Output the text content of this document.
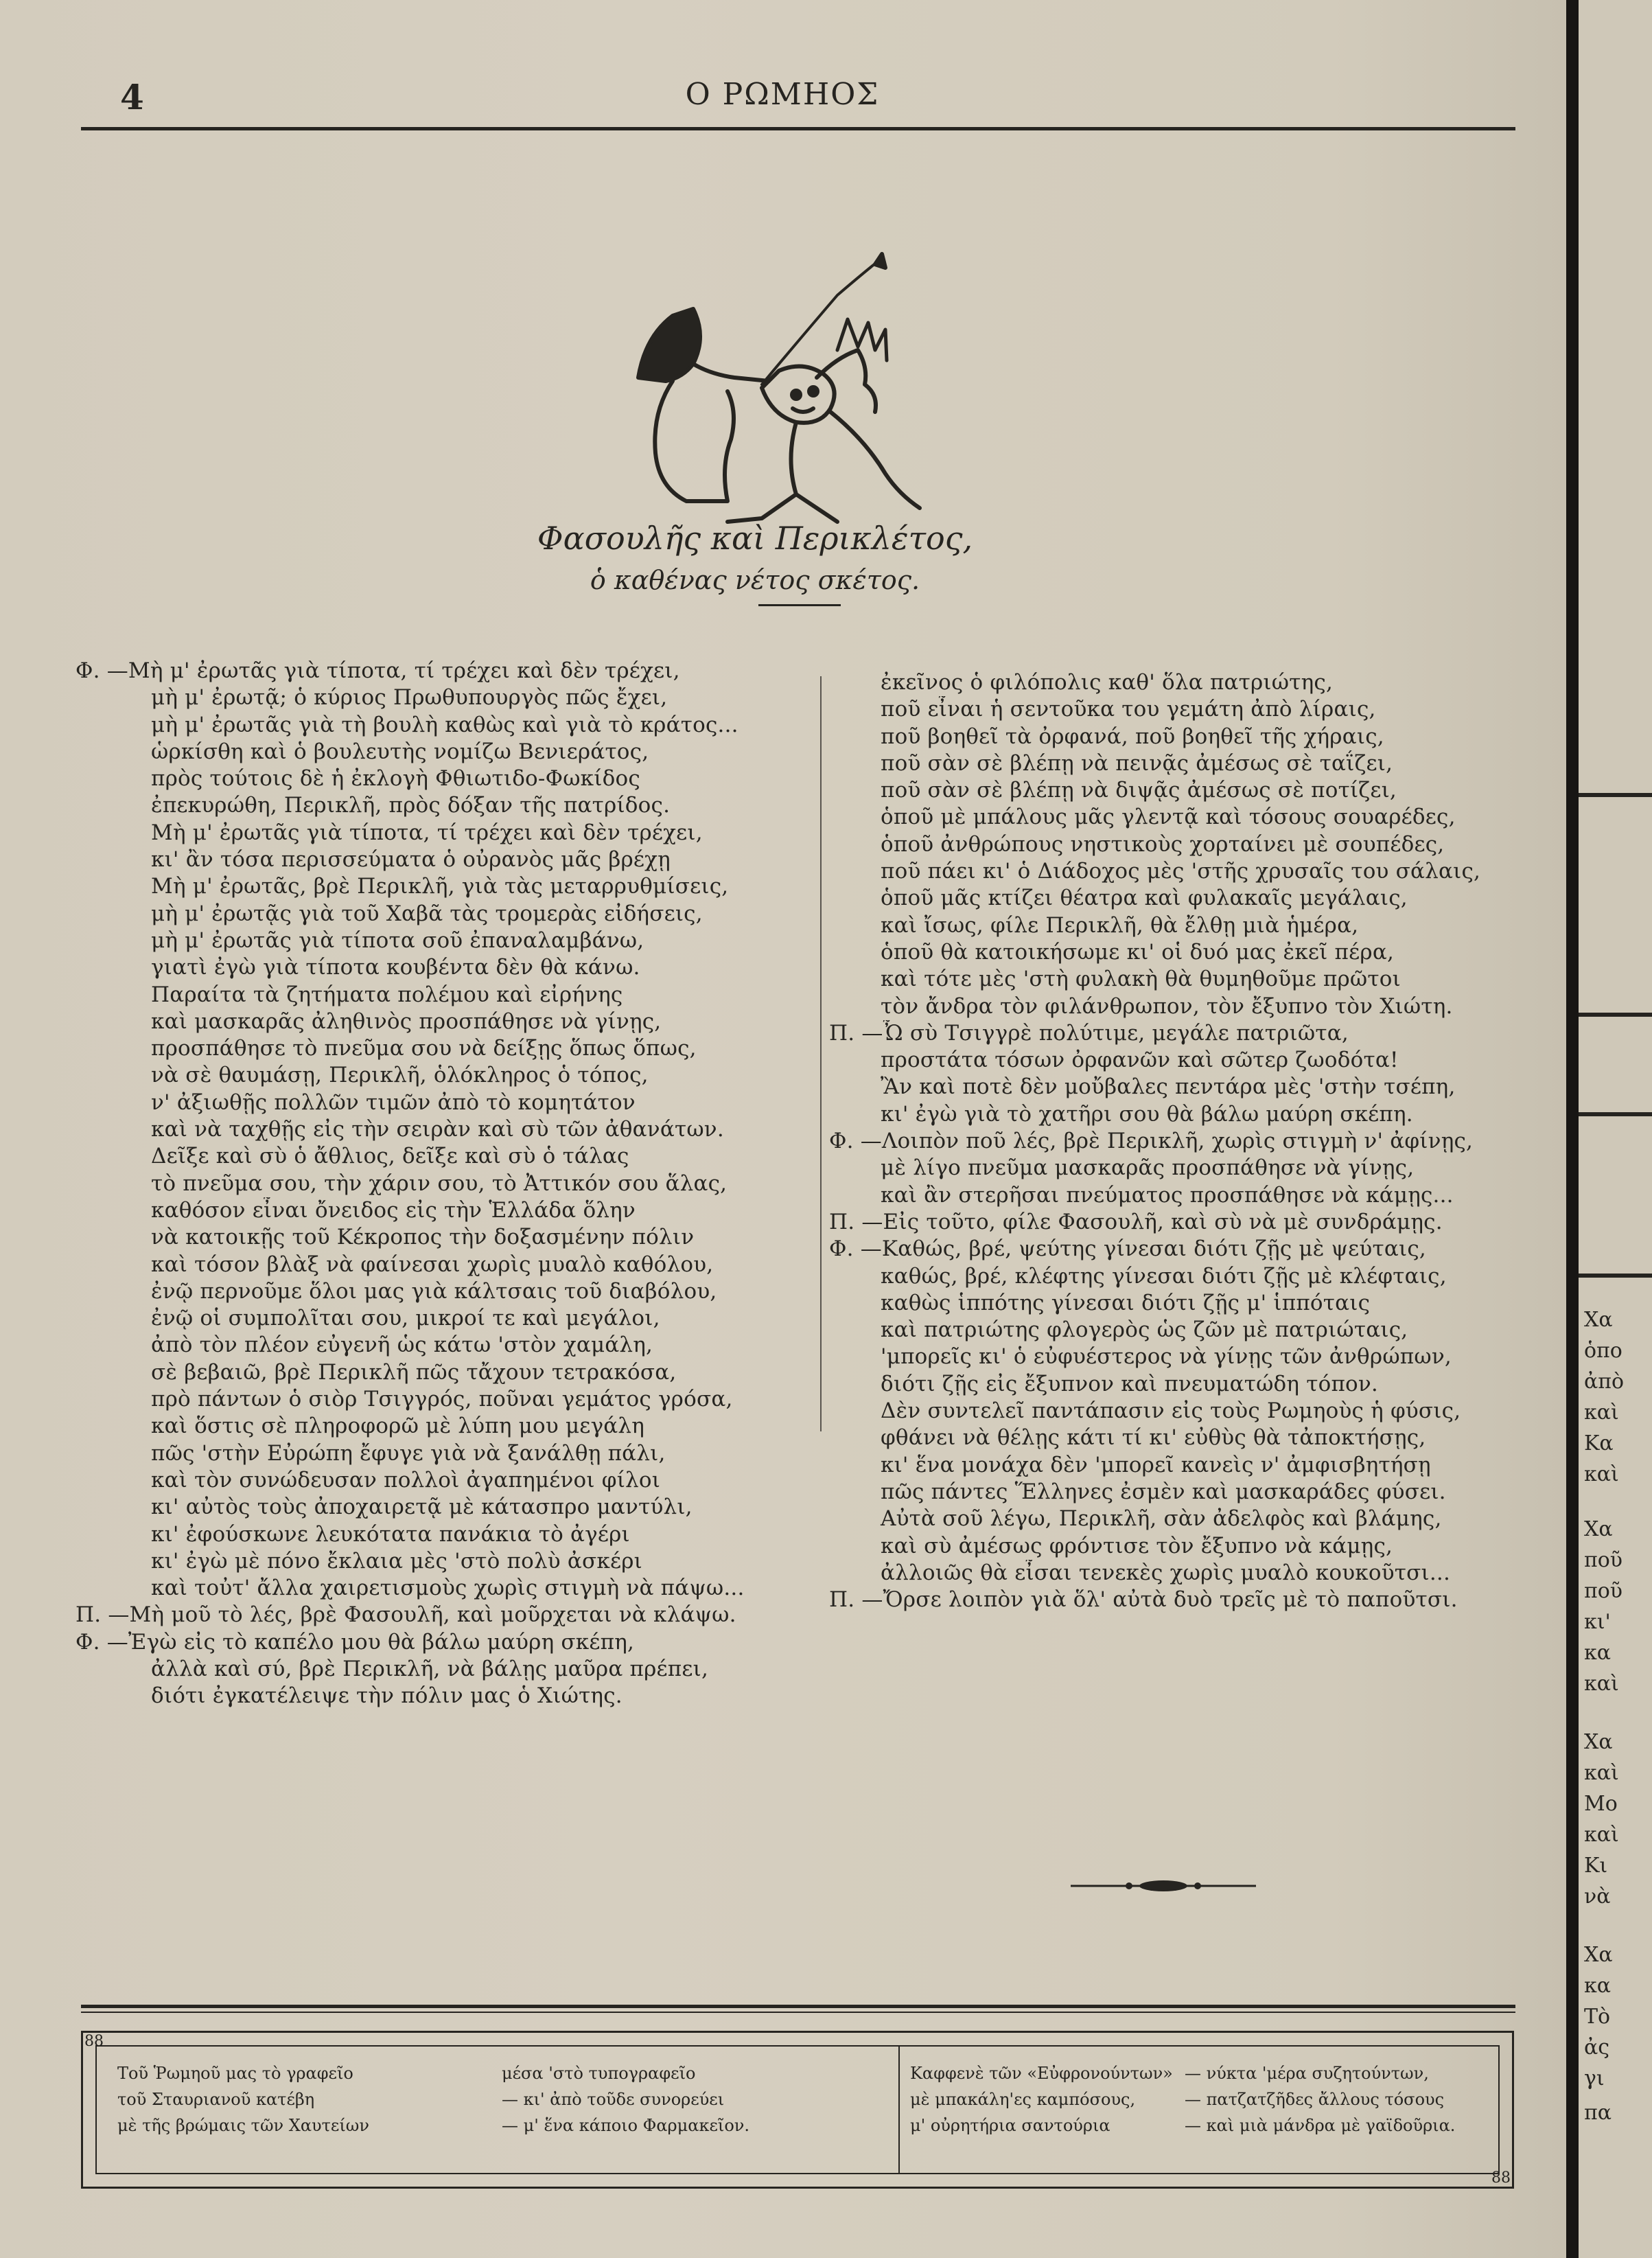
4	Ο ΡΩΜΗΟΣ
Φασουλῆς καὶ Περικλέτος,
ὁ καθένας νέτος σκέτος.
Φ. —Μὴ μ' ἐρωτᾶς γιὰ τίποτα, τί τρέχει καὶ δὲν τρέχει,
μὴ μ' ἐρωτᾷ; ὁ κύριος Πρωθυπουργὸς πῶς ἔχει,
μὴ μ' ἐρωτᾶς γιὰ τὴ βουλὴ καθὼς καὶ γιὰ τὸ κράτος...
ὡρκίσθη καὶ ὁ βουλευτὴς νομίζω Βενιεράτος,
πρὸς τούτοις δὲ ἡ ἐκλογὴ Φθιωτιδο-Φωκίδος
ἐπεκυρώθη, Περικλῆ, πρὸς δόξαν τῆς πατρίδος.
Μὴ μ' ἐρωτᾶς γιὰ τίποτα, τί τρέχει καὶ δὲν τρέχει,
κι' ἂν τόσα περισσεύματα ὁ οὐρανὸς μᾶς βρέχῃ
Μὴ μ' ἐρωτᾶς, βρὲ Περικλῆ, γιὰ τὰς μεταρρυθμίσεις,
μὴ μ' ἐρωτᾷς γιὰ τοῦ Χαβᾶ τὰς τρομερὰς εἰδήσεις,
μὴ μ' ἐρωτᾶς γιὰ τίποτα σοῦ ἐπαναλαμβάνω,
γιατὶ ἐγὼ γιὰ τίποτα κουβέντα δὲν θὰ κάνω.
Παραίτα τὰ ζητήματα πολέμου καὶ εἰρήνης
καὶ μασκαρᾶς ἀληθινὸς προσπάθησε νὰ γίνῃς,
προσπάθησε τὸ πνεῦμα σου νὰ δείξῃς ὅπως ὅπως,
νὰ σὲ θαυμάσῃ, Περικλῆ, ὁλόκληρος ὁ τόπος,
ν' ἀξιωθῇς πολλῶν τιμῶν ἀπὸ τὸ κομητάτον
καὶ νὰ ταχθῇς εἰς τὴν σειρὰν καὶ σὺ τῶν ἀθανάτων.
Δεῖξε καὶ σὺ ὁ ἄθλιος, δεῖξε καὶ σὺ ὁ τάλας
τὸ πνεῦμα σου, τὴν χάριν σου, τὸ Ἀττικόν σου ἅλας,
καθόσον εἶναι ὄνειδος εἰς τὴν Ἑλλάδα ὅλην
νὰ κατοικῇς τοῦ Κέκροπος τὴν δοξασμένην πόλιν
καὶ τόσον βλὰξ νὰ φαίνεσαι χωρὶς μυαλὸ καθόλου,
ἐνῷ περνοῦμε ὅλοι μας γιὰ κάλτσαις τοῦ διαβόλου,
ἐνῷ οἱ συμπολῖται σου, μικροί τε καὶ μεγάλοι,
ἀπὸ τὸν πλέον εὐγενῆ ὡς κάτω 'στὸν χαμάλη,
σὲ βεβαιῶ, βρὲ Περικλῆ πῶς τἄχουν τετρακόσα,
πρὸ πάντων ὁ σιὸρ Τσιγγρός, ποῦναι γεμάτος γρόσα,
καὶ ὅστις σὲ πληροφορῶ μὲ λύπη μου μεγάλη
πῶς 'στὴν Εὐρώπη ἔφυγε γιὰ νὰ ξανάλθῃ πάλι,
καὶ τὸν συνώδευσαν πολλοὶ ἀγαπημένοι φίλοι
κι' αὐτὸς τοὺς ἀποχαιρετᾷ μὲ κάτασπρο μαντύλι,
κι' ἐφούσκωνε λευκότατα πανάκια τὸ ἀγέρι
κι' ἐγὼ μὲ πόνο ἔκλαια μὲς 'στὸ πολὺ ἀσκέρι
καὶ τοὐτ' ἄλλα χαιρετισμοὺς χωρὶς στιγμὴ νὰ πάψω...
Π. —Μὴ μοῦ τὸ λές, βρὲ Φασουλῆ, καὶ μοῦρχεται νὰ κλάψω.
Φ. —Ἐγὼ εἰς τὸ καπέλο μου θὰ βάλω μαύρη σκέπη,
ἀλλὰ καὶ σύ, βρὲ Περικλῆ, νὰ βάλῃς μαῦρα πρέπει,
διότι ἐγκατέλειψε τὴν πόλιν μας ὁ Χιώτης.
ἐκεῖνος ὁ φιλόπολις καθ' ὅλα πατριώτης,
ποῦ εἶναι ἡ σεντοῦκα του γεμάτη ἀπὸ λίραις,
ποῦ βοηθεῖ τὰ ὀρφανά, ποῦ βοηθεῖ τῆς χήραις,
ποῦ σὰν σὲ βλέπῃ νὰ πεινᾷς ἀμέσως σὲ ταΐζει,
ποῦ σὰν σὲ βλέπῃ νὰ διψᾷς ἀμέσως σὲ ποτίζει,
ὁποῦ μὲ μπάλους μᾶς γλεντᾷ καὶ τόσους σουαρέδες,
ὁποῦ ἀνθρώπους νηστικοὺς χορταίνει μὲ σουπέδες,
ποῦ πάει κι' ὁ Διάδοχος μὲς 'στῆς χρυσαῖς του σάλαις,
ὁποῦ μᾶς κτίζει θέατρα καὶ φυλακαῖς μεγάλαις,
καὶ ἴσως, φίλε Περικλῆ, θὰ ἔλθῃ μιὰ ἡμέρα,
ὁποῦ θὰ κατοικήσωμε κι' οἱ δυό μας ἐκεῖ πέρα,
καὶ τότε μὲς 'στὴ φυλακὴ θὰ θυμηθοῦμε πρῶτοι
τὸν ἄνδρα τὸν φιλάνθρωπον, τὸν ἔξυπνο τὸν Χιώτη.
Π. —Ὦ σὺ Τσιγγρὲ πολύτιμε, μεγάλε πατριῶτα,
προστάτα τόσων ὀρφανῶν καὶ σῶτερ ζωοδότα!
Ἂν καὶ ποτὲ δὲν μοὔβαλες πεντάρα μὲς 'στὴν τσέπη,
κι' ἐγὼ γιὰ τὸ χατῆρι σου θὰ βάλω μαύρη σκέπη.
Φ. —Λοιπὸν ποῦ λές, βρὲ Περικλῆ, χωρὶς στιγμὴ ν' ἀφίνῃς,
μὲ λίγο πνεῦμα μασκαρᾶς προσπάθησε νὰ γίνῃς,
καὶ ἂν στερῆσαι πνεύματος προσπάθησε νὰ κάμῃς...
Π. —Εἰς τοῦτο, φίλε Φασουλῆ, καὶ σὺ νὰ μὲ συνδράμῃς.
Φ. —Καθώς, βρέ, ψεύτης γίνεσαι διότι ζῇς μὲ ψεύταις,
καθώς, βρέ, κλέφτης γίνεσαι διότι ζῇς μὲ κλέφταις,
καθὼς ἱππότης γίνεσαι διότι ζῇς μ' ἱππόταις
καὶ πατριώτης φλογερὸς ὡς ζῶν μὲ πατριώταις,
'μπορεῖς κι' ὁ εὐφυέστερος νὰ γίνῃς τῶν ἀνθρώπων,
διότι ζῇς εἰς ἔξυπνον καὶ πνευματώδη τόπον.
Δὲν συντελεῖ παντάπασιν εἰς τοὺς Ρωμηοὺς ἡ φύσις,
φθάνει νὰ θέλῃς κάτι τί κι' εὐθὺς θὰ τἀποκτήσῃς,
κι' ἕνα μονάχα δὲν 'μπορεῖ κανεὶς ν' ἀμφισβητήσῃ
πῶς πάντες Ἕλληνες ἐσμὲν καὶ μασκαράδες φύσει.
Αὐτὰ σοῦ λέγω, Περικλῆ, σὰν ἀδελφὸς καὶ βλάμης,
καὶ σὺ ἀμέσως φρόντισε τὸν ἔξυπνο νὰ κάμῃς,
ἀλλοιῶς θὰ εἶσαι τενεκὲς χωρὶς μυαλὸ κουκοῦτσι...
Π. —Ὄρσε λοιπὸν γιὰ ὅλ' αὐτὰ δυὸ τρεῖς μὲ τὸ παποῦτσι.
Τοῦ Ῥωμηοῦ μας τὸ γραφεῖο	μέσα 'στὸ τυπογραφεῖο
τοῦ Σταυριανοῦ κατέβη	— κι' ἀπὸ τοῦδε συνορεύει
μὲ τῆς βρώμαις τῶν Χαυτείων	— μ' ἕνα κάποιο Φαρμακεῖον.
Καφφενὲ τῶν «Εὐφρονούντων» — νύκτα 'μέρα συζητούντων,
μὲ μπακάλη'ες καμπόσους,	— πατζατζῆδες ἄλλους τόσους
μ' οὐρητήρια σαντούρια	— καὶ μιὰ μάνδρα μὲ γαϊδοῦρια.
88
88
Χα
ὁπο
ἀπὸ
καὶ
Κα
καὶ
Χα
ποῦ
ποῦ
κι'
κα
καὶ
Χα
καὶ
Μο
καὶ
Κι
νὰ
Χα
κα
Τὸ
ἀς
γι
πα
